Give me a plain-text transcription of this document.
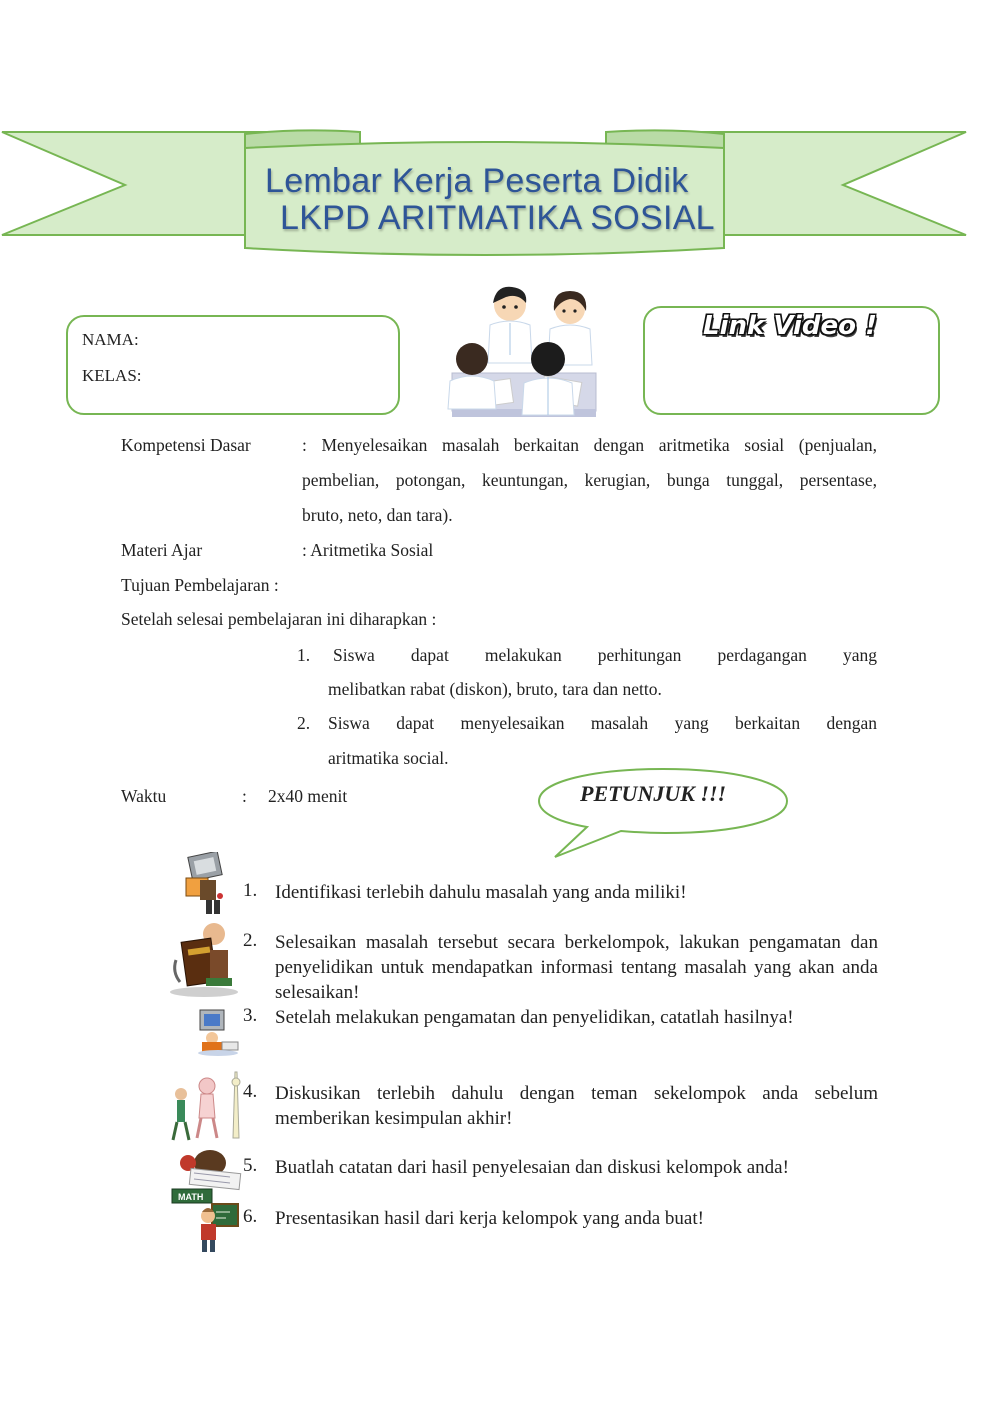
Lembar Kerja Peserta Didik
LKPD ARITMATIKA SOSIAL
NAMA:
KELAS:
Link Video !
Kompetensi Dasar	: Menyelesaikan masalah berkaitan dengan aritmetika sosial (penjualan,
pembelian, potongan, keuntungan, kerugian, bunga tunggal, persentase,
bruto, neto, dan tara).
Materi Ajar	: Aritmetika Sosial
Tujuan Pembelajaran :
Setelah selesai pembelajaran ini diharapkan :
1. Siswa dapat melakukan perhitungan perdagangan yang
melibatkan rabat (diskon), bruto, tara dan netto.
2. Siswa dapat menyelesaikan masalah yang berkaitan dengan
aritmatika social.
Waktu	: 2x40 menit	PETUNJUK !!!
MATH
1. Identifikasi terlebih dahulu masalah yang anda miliki!
2. Selesaikan masalah tersebut secara berkelompok, lakukan pengamatan dan penyelidikan untuk mendapatkan informasi tentang masalah yang akan anda selesaikan!
3. Setelah melakukan pengamatan dan penyelidikan, catatlah hasilnya!
4. Diskusikan terlebih dahulu dengan teman sekelompok anda sebelum memberikan kesimpulan akhir!
5. Buatlah catatan dari hasil penyelesaian dan diskusi kelompok anda!
6. Presentasikan hasil dari kerja kelompok yang anda buat!
